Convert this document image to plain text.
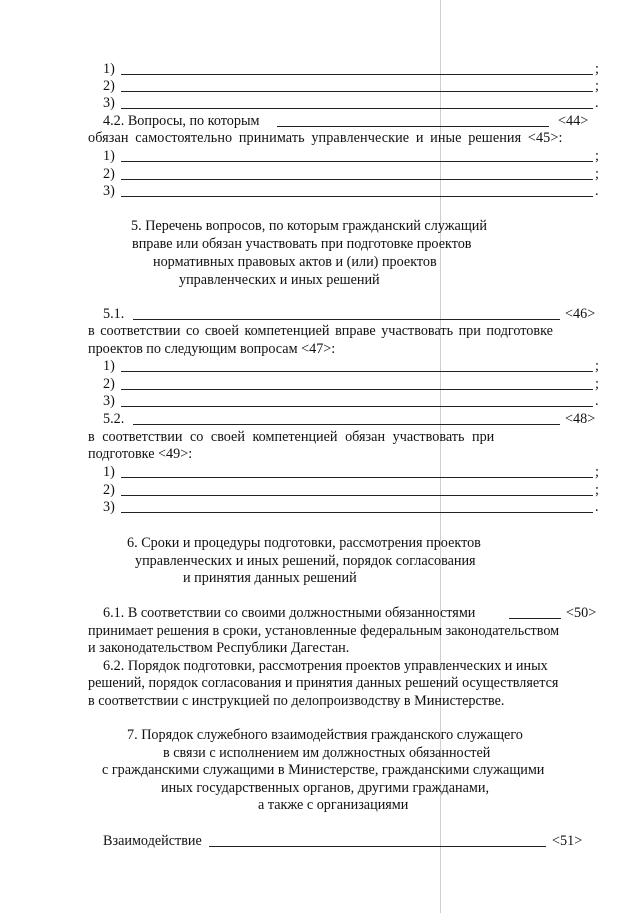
1)	;
2)	;
3)	.
4.2. Вопросы, по которым	<44>
обязан самостоятельно принимать управленческие и иные решения <45>:
1)	;
2)	;
3)	.
5. Перечень вопросов, по которым гражданский служащий
вправе или обязан участвовать при подготовке проектов
нормативных правовых актов и (или) проектов
управленческих и иных решений
5.1.	<46>
в соответствии со своей компетенцией вправе участвовать при подготовке
проектов по следующим вопросам <47>:
1)	;
2)	;
3)	.
5.2.	<48>
в соответствии со своей компетенцией обязан участвовать при
подготовке <49>:
1)	;
2)	;
3)	.
6. Сроки и процедуры подготовки, рассмотрения проектов
управленческих и иных решений, порядок согласования
и принятия данных решений
6.1. В соответствии со своими должностными обязанностями	<50>
принимает решения в сроки, установленные федеральным законодательством
и законодательством Республики Дагестан.
6.2. Порядок подготовки, рассмотрения проектов управленческих и иных
решений, порядок согласования и принятия данных решений осуществляется
в соответствии с инструкцией по делопроизводству в Министерстве.
7. Порядок служебного взаимодействия гражданского служащего
в связи с исполнением им должностных обязанностей
с гражданскими служащими в Министерстве, гражданскими служащими
иных государственных органов, другими гражданами,
а также с организациями
Взаимодействие	<51>
